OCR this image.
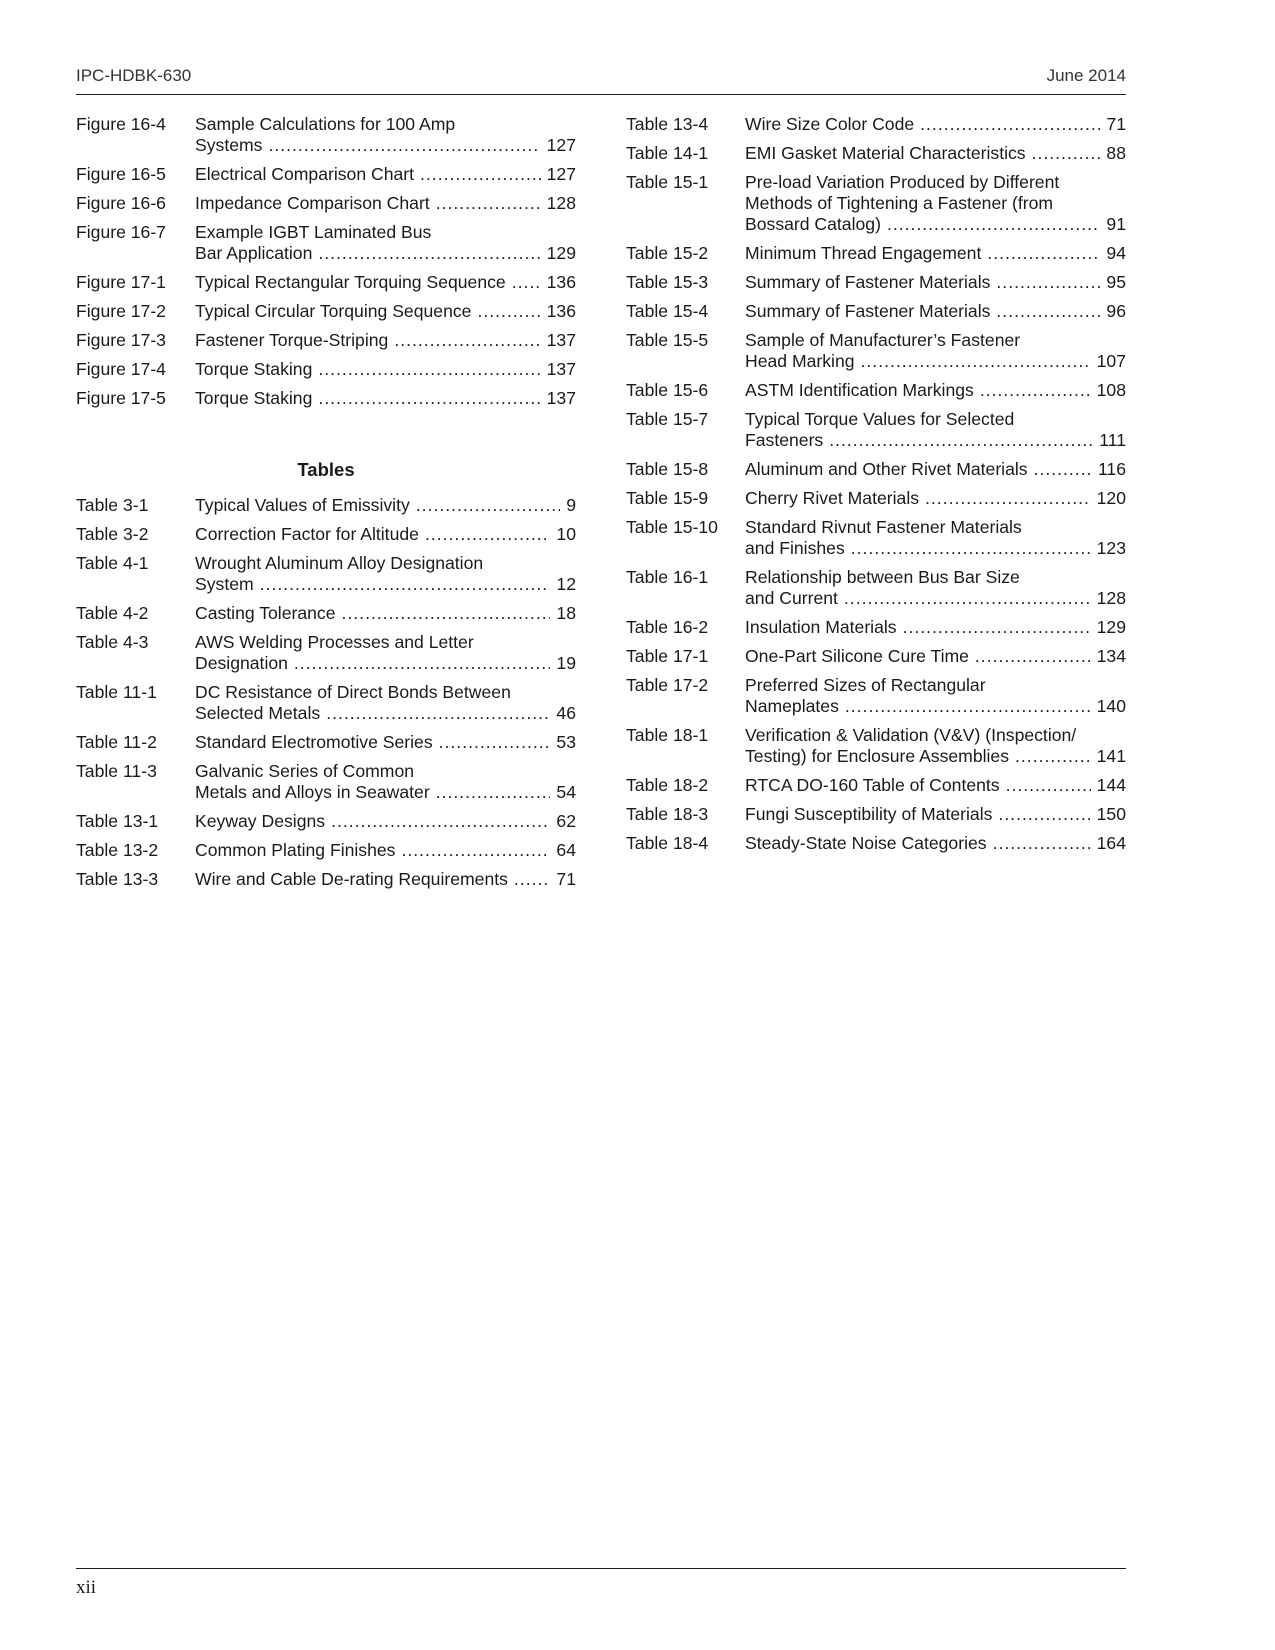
IPC-HDBK-630	June 2014
Figure 16-4	Sample Calculations for 100 Amp
Systems .....	127
Figure 16-5	Electrical Comparison Chart .....	127
Figure 16-6	Impedance Comparison Chart .....	128
Figure 16-7	Example IGBT Laminated Bus
Bar Application .....	129
Figure 17-1	Typical Rectangular Torquing Sequence ..... 136
Figure 17-2	Typical Circular Torquing Sequence .....	136
Figure 17-3	Fastener Torque-Striping .....	137
Figure 17-4	Torque Staking .....	137
Figure 17-5	Torque Staking .....	137
Tables
Table 3-1	Typical Values of Emissivity .....	9
Table 3-2	Correction Factor for Altitude .....	10
Table 4-1	Wrought Aluminum Alloy Designation
System .....	12
Table 4-2	Casting Tolerance .....	18
Table 4-3	AWS Welding Processes and Letter
Designation .....	19
Table 11-1	DC Resistance of Direct Bonds Between
Selected Metals .....	46
Table 11-2	Standard Electromotive Series .....	53
Table 11-3	Galvanic Series of Common
Metals and Alloys in Seawater .....	54
Table 13-1	Keyway Designs .....	62
Table 13-2	Common Plating Finishes .....	64
Table 13-3	Wire and Cable De-rating Requirements .....	71
Table 13-4	Wire Size Color Code .....	71
Table 14-1	EMI Gasket Material Characteristics .....	88
Table 15-1	Pre-load Variation Produced by Different
Methods of Tightening a Fastener (from
Bossard Catalog) .....	91
Table 15-2	Minimum Thread Engagement .....	94
Table 15-3	Summary of Fastener Materials .....	95
Table 15-4	Summary of Fastener Materials .....	96
Table 15-5	Sample of Manufacturer’s Fastener
Head Marking .....	107
Table 15-6	ASTM Identification Markings .....	108
Table 15-7	Typical Torque Values for Selected
Fasteners .....	111
Table 15-8	Aluminum and Other Rivet Materials .....	116
Table 15-9	Cherry Rivet Materials .....	120
Table 15-10	Standard Rivnut Fastener Materials
and Finishes .....	123
Table 16-1	Relationship between Bus Bar Size
and Current .....	128
Table 16-2	Insulation Materials .....	129
Table 17-1	One-Part Silicone Cure Time .....	134
Table 17-2	Preferred Sizes of Rectangular
Nameplates .....	140
Table 18-1	Verification & Validation (V&V) (Inspection/
Testing) for Enclosure Assemblies .....	141
Table 18-2	RTCA DO-160 Table of Contents .....	144
Table 18-3	Fungi Susceptibility of Materials .....	150
Table 18-4	Steady-State Noise Categories .....	164
xii
